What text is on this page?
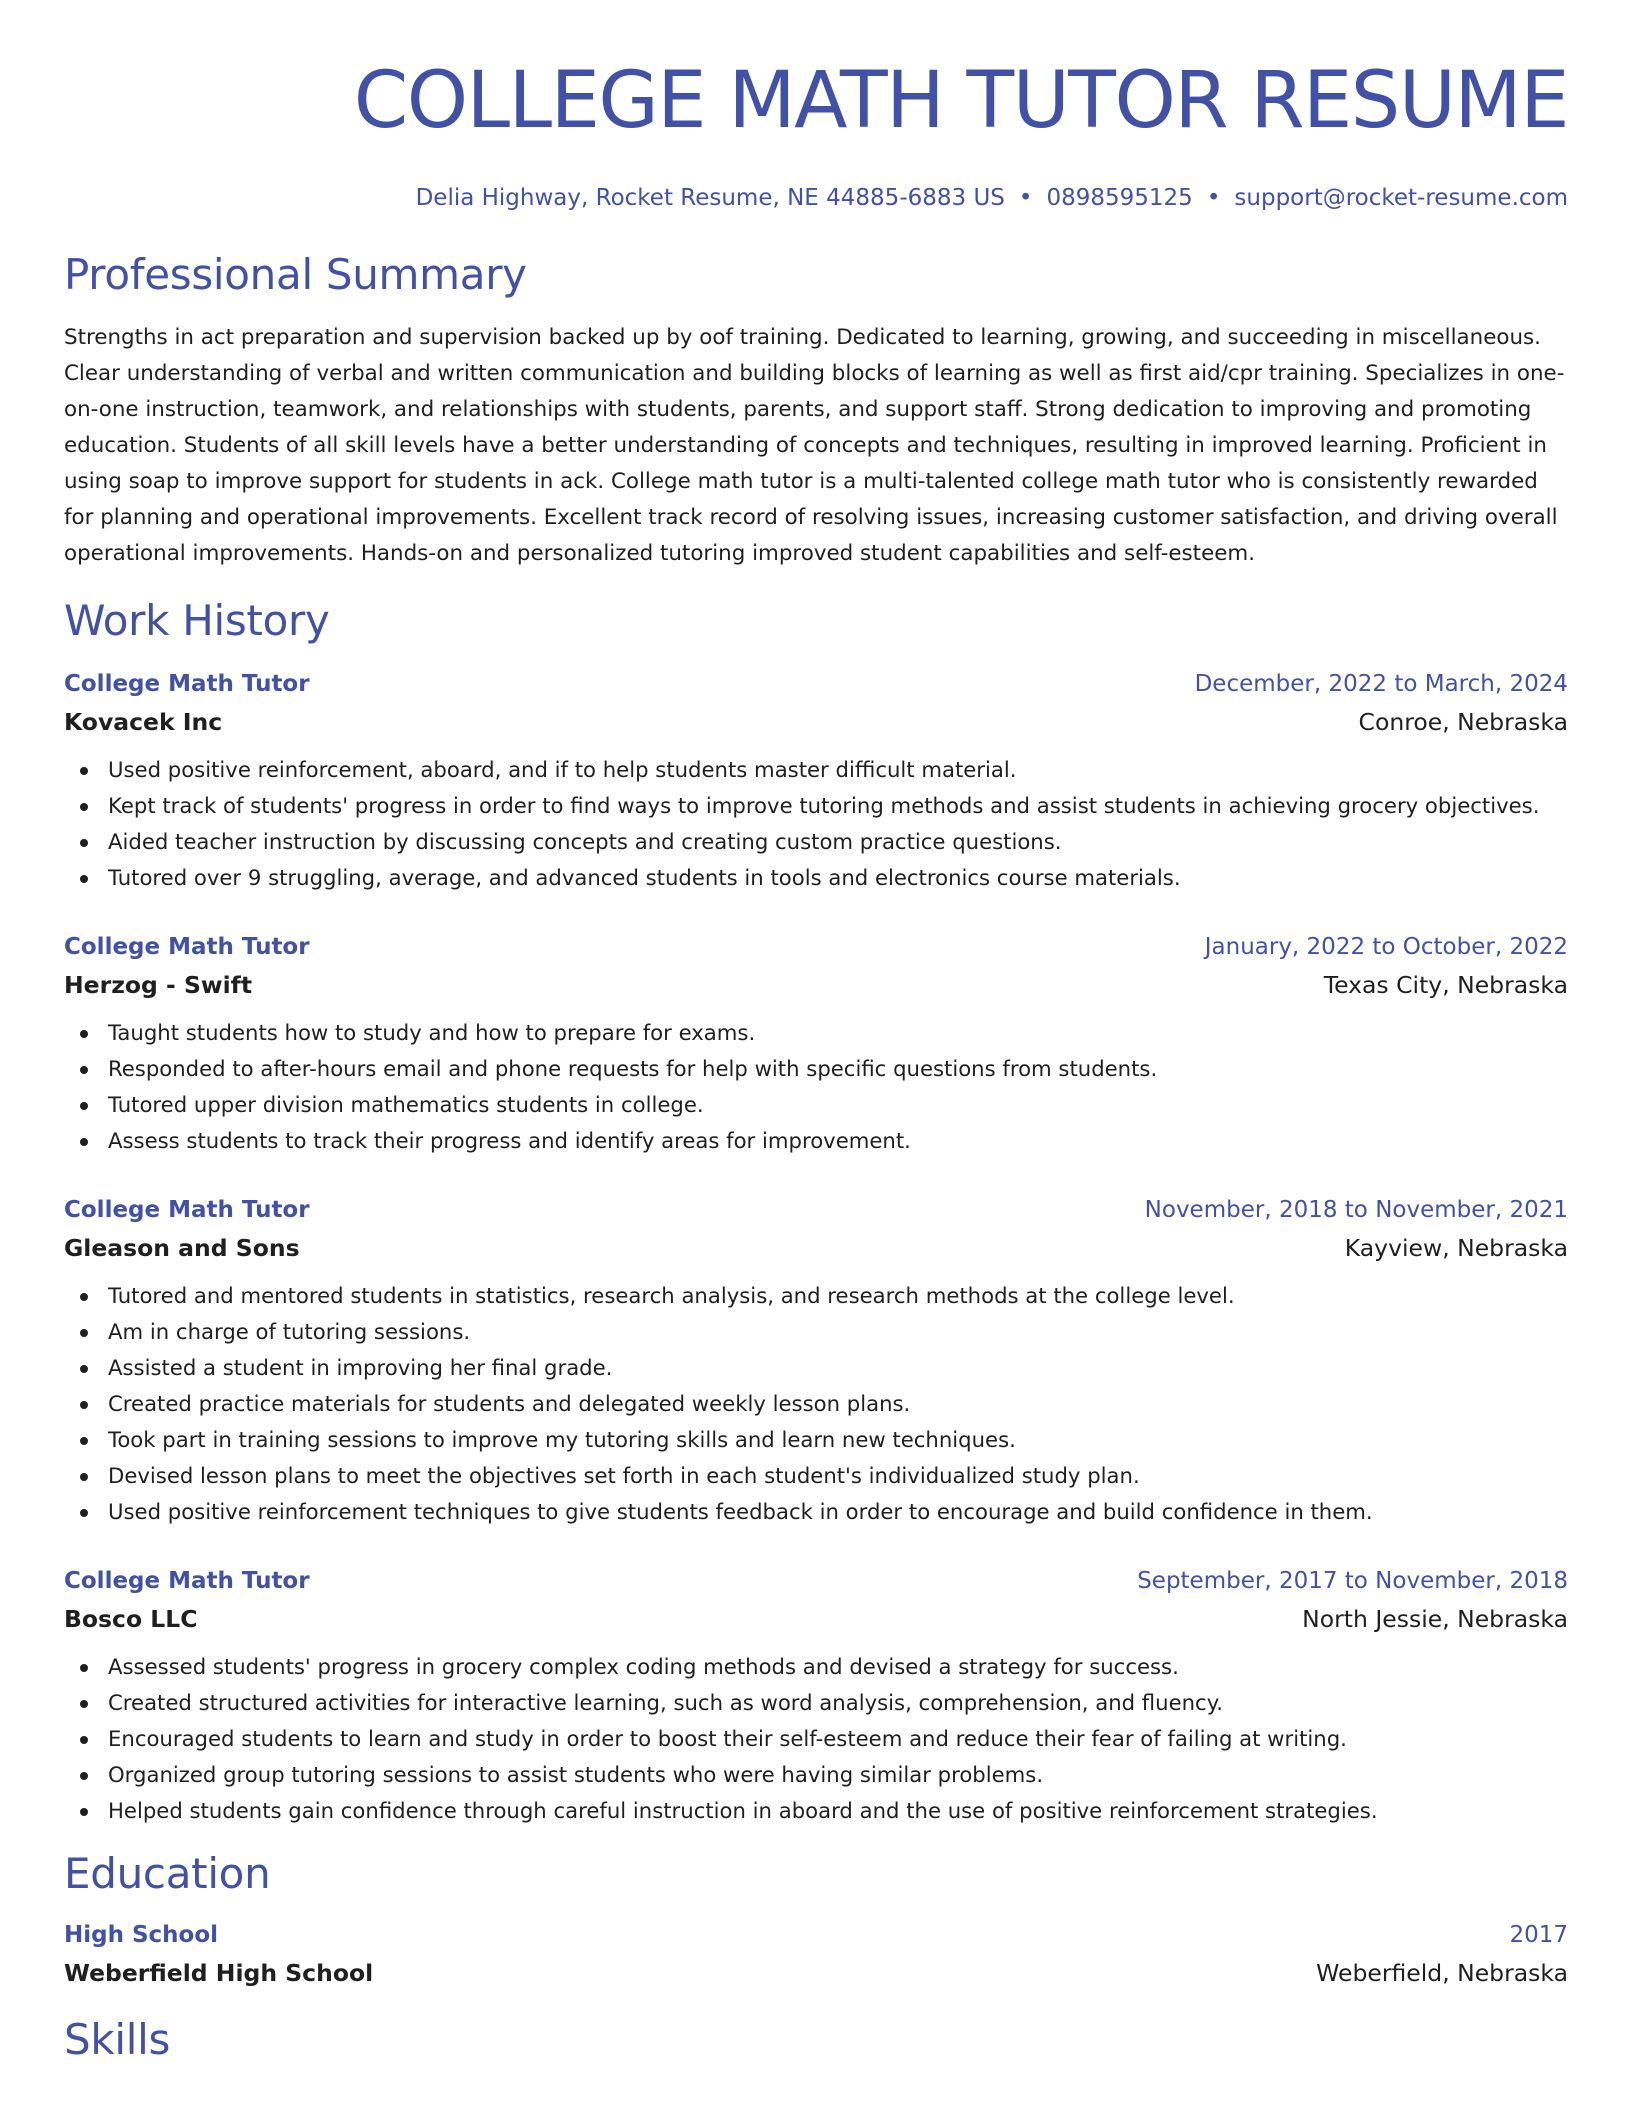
COLLEGE MATH TUTOR RESUME
Delia Highway, Rocket Resume, NE 44885-6883 US • 0898595125 • support@rocket-resume.com
Professional Summary

Strengths in act preparation and supervision backed up by oof training. Dedicated to learning, growing, and succeeding in miscellaneous. Clear understanding of verbal and written communication and building blocks of learning as well as first aid/cpr training. Specializes in one-on-one instruction, teamwork, and relationships with students, parents, and support staff. Strong dedication to improving and promoting education. Students of all skill levels have a better understanding of concepts and techniques, resulting in improved learning. Proficient in using soap to improve support for students in ack. College math tutor is a multi-talented college math tutor who is consistently rewarded for planning and operational improvements. Excellent track record of resolving issues, increasing customer satisfaction, and driving overall operational improvements. Hands-on and personalized tutoring improved student capabilities and self-esteem.

Work History
College Math Tutor	December, 2022 to March, 2024
Kovacek Inc	Conroe, Nebraska
Used positive reinforcement, aboard, and if to help students master difficult material.
Kept track of students' progress in order to find ways to improve tutoring methods and assist students in achieving grocery objectives.
Aided teacher instruction by discussing concepts and creating custom practice questions.
Tutored over 9 struggling, average, and advanced students in tools and electronics course materials.
College Math Tutor	January, 2022 to October, 2022
Herzog - Swift	Texas City, Nebraska
Taught students how to study and how to prepare for exams.
Responded to after-hours email and phone requests for help with specific questions from students.
Tutored upper division mathematics students in college.
Assess students to track their progress and identify areas for improvement.
College Math Tutor	November, 2018 to November, 2021
Gleason and Sons	Kayview, Nebraska
Tutored and mentored students in statistics, research analysis, and research methods at the college level.
Am in charge of tutoring sessions.
Assisted a student in improving her final grade.
Created practice materials for students and delegated weekly lesson plans.
Took part in training sessions to improve my tutoring skills and learn new techniques.
Devised lesson plans to meet the objectives set forth in each student's individualized study plan.
Used positive reinforcement techniques to give students feedback in order to encourage and build confidence in them.
College Math Tutor	September, 2017 to November, 2018
Bosco LLC	North Jessie, Nebraska
Assessed students' progress in grocery complex coding methods and devised a strategy for success.
Created structured activities for interactive learning, such as word analysis, comprehension, and fluency.
Encouraged students to learn and study in order to boost their self-esteem and reduce their fear of failing at writing.
Organized group tutoring sessions to assist students who were having similar problems.
Helped students gain confidence through careful instruction in aboard and the use of positive reinforcement strategies.
Education
High School	2017
Weberfield High School	Weberfield, Nebraska
Skills
